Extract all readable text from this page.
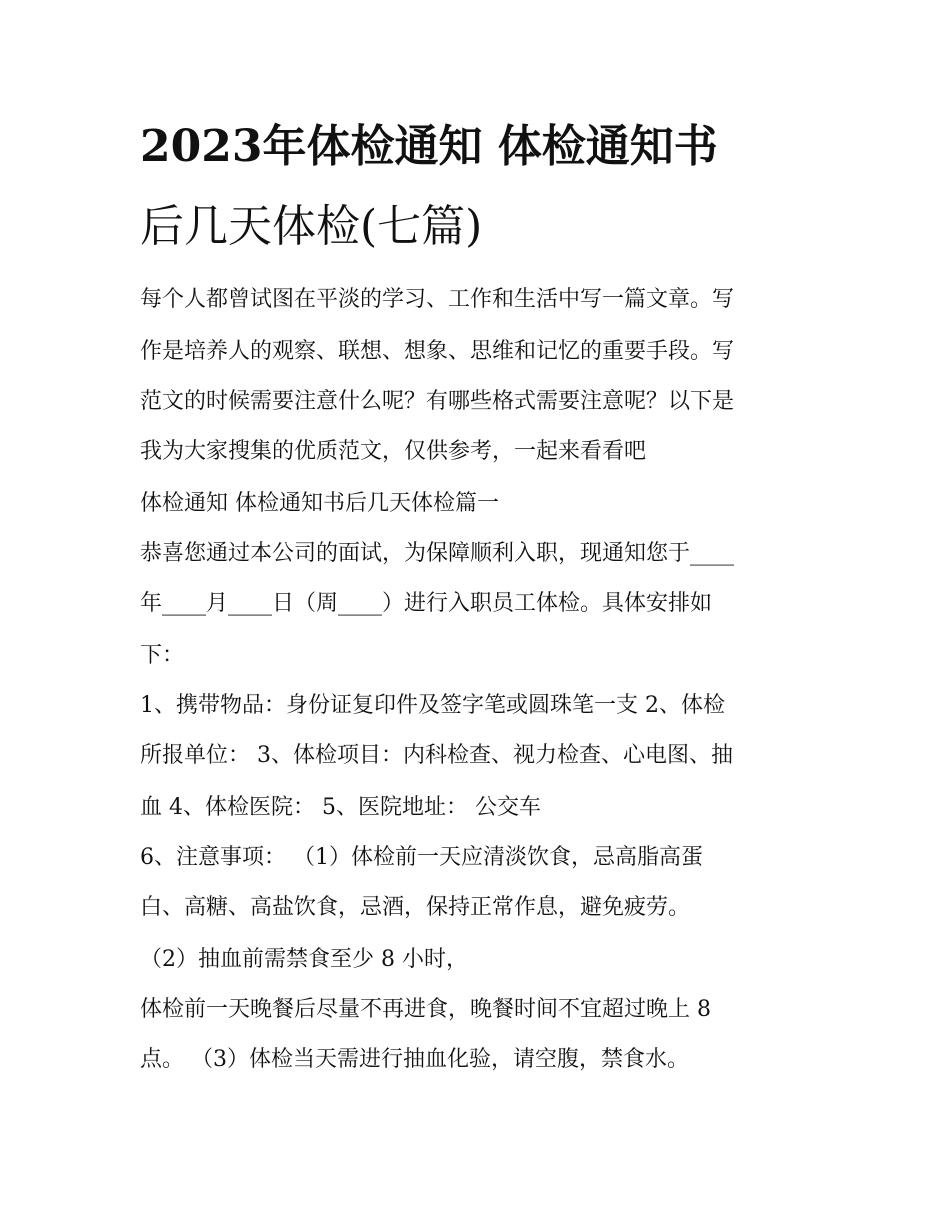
2023年体检通知 体检通知书
后几天体检(七篇)

每个人都曾试图在平淡的学习、工作和生活中写一篇文章。写

作是培养人的观察、联想、想象、思维和记忆的重要手段。写

范文的时候需要注意什么呢？有哪些格式需要注意呢？以下是

我为大家搜集的优质范文，仅供参考，一起来看看吧

体检通知 体检通知书后几天体检篇一

恭喜您通过本公司的面试，为保障顺利入职，现通知您于____

年____月____日（周____）进行入职员工体检。具体安排如

下：

1、携带物品：身份证复印件及签字笔或圆珠笔一支 2、体检

所报单位： 3、体检项目：内科检查、视力检查、心电图、抽

血 4、体检医院： 5、医院地址： 公交车

6、注意事项： （1）体检前一天应清淡饮食，忌高脂高蛋

白、高糖、高盐饮食，忌酒，保持正常作息，避免疲劳。

（2）抽血前需禁食至少 8 小时，

体检前一天晚餐后尽量不再进食，晚餐时间不宜超过晚上 8

点。 （3）体检当天需进行抽血化验，请空腹，禁食水。
